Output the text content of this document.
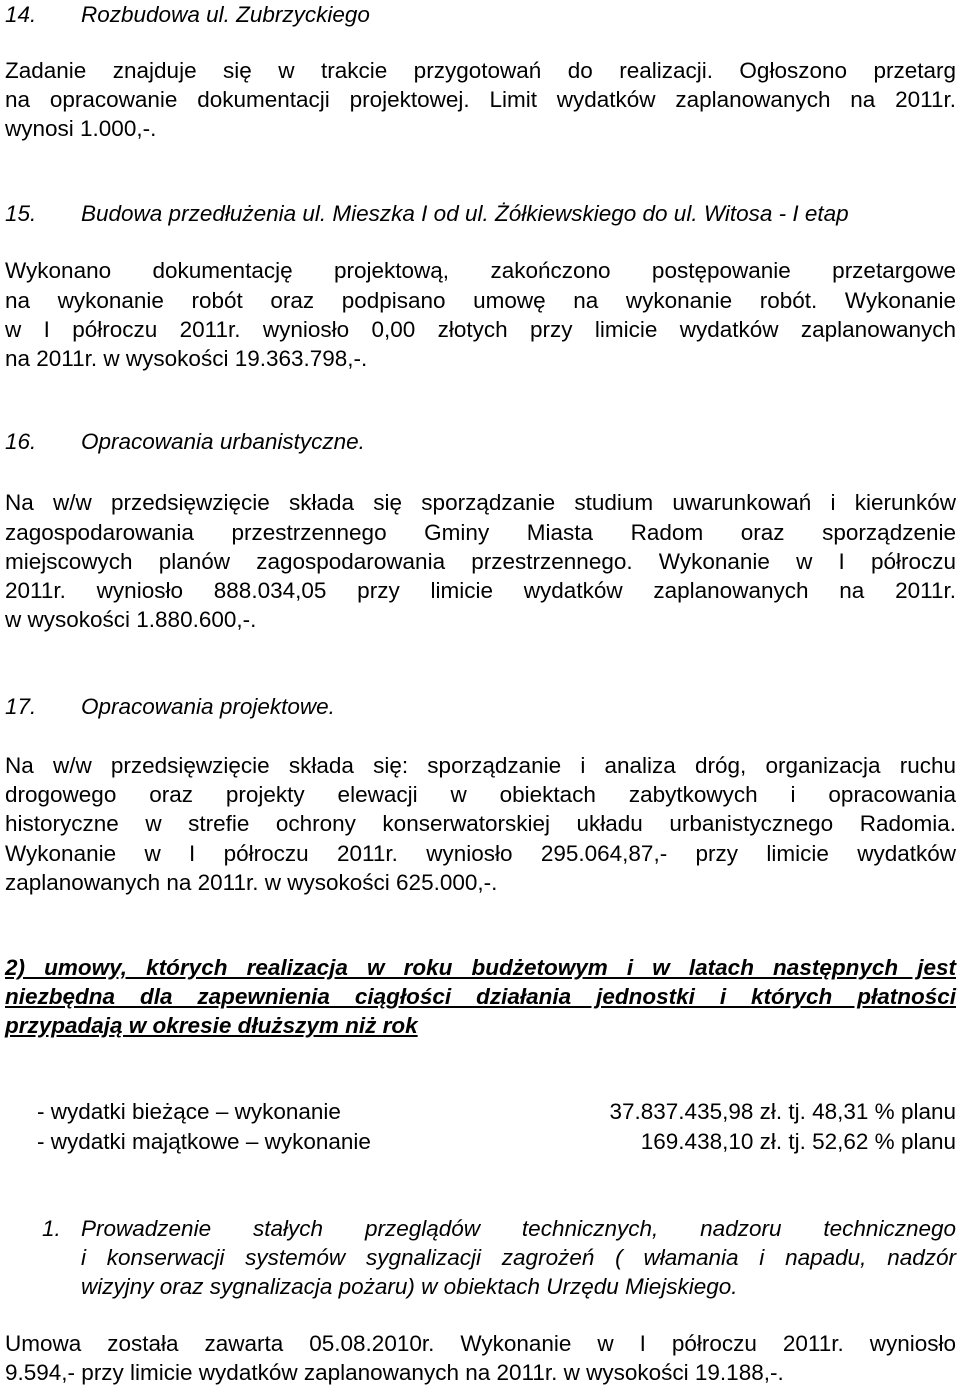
14. Rozbudowa ul. Zubrzyckiego
Zadanie znajduje się w trakcie przygotowań do realizacji. Ogłoszono przetarg
na opracowanie dokumentacji projektowej. Limit wydatków zaplanowanych na 2011r.
wynosi 1.000,-.
15. Budowa przedłużenia ul. Mieszka I od ul. Żółkiewskiego do ul. Witosa - I etap
Wykonano dokumentację projektową, zakończono postępowanie przetargowe
na wykonanie robót oraz podpisano umowę na wykonanie robót. Wykonanie
w I półroczu 2011r. wyniosło 0,00 złotych przy limicie wydatków zaplanowanych
na 2011r. w wysokości 19.363.798,-.
16. Opracowania urbanistyczne.
Na w/w przedsięwzięcie składa się sporządzanie studium uwarunkowań i kierunków
zagospodarowania przestrzennego Gminy Miasta Radom oraz sporządzenie
miejscowych planów zagospodarowania przestrzennego. Wykonanie w I półroczu
2011r. wyniosło 888.034,05 przy limicie wydatków zaplanowanych na 2011r.
w wysokości 1.880.600,-.
17. Opracowania projektowe.
Na w/w przedsięwzięcie składa się: sporządzanie i analiza dróg, organizacja ruchu
drogowego oraz projekty elewacji w obiektach zabytkowych i opracowania
historyczne w strefie ochrony konserwatorskiej układu urbanistycznego Radomia.
Wykonanie w I półroczu 2011r. wyniosło 295.064,87,- przy limicie wydatków
zaplanowanych na 2011r. w wysokości 625.000,-.
2) umowy, których realizacja w roku budżetowym i w latach następnych jest
niezbędna dla zapewnienia ciągłości działania jednostki i których płatności
przypadają w okresie dłuższym niż rok
- wydatki bieżące – wykonanie	37.837.435,98 zł. tj. 48,31 % planu
- wydatki majątkowe – wykonanie	169.438,10 zł. tj. 52,62 % planu
1. Prowadzenie stałych przeglądów technicznych, nadzoru technicznego
i konserwacji systemów sygnalizacji zagrożeń ( włamania i napadu, nadzór
wizyjny oraz sygnalizacja pożaru) w obiektach Urzędu Miejskiego.
Umowa została zawarta 05.08.2010r. Wykonanie w I półroczu 2011r. wyniosło
9.594,- przy limicie wydatków zaplanowanych na 2011r. w wysokości 19.188,-.
